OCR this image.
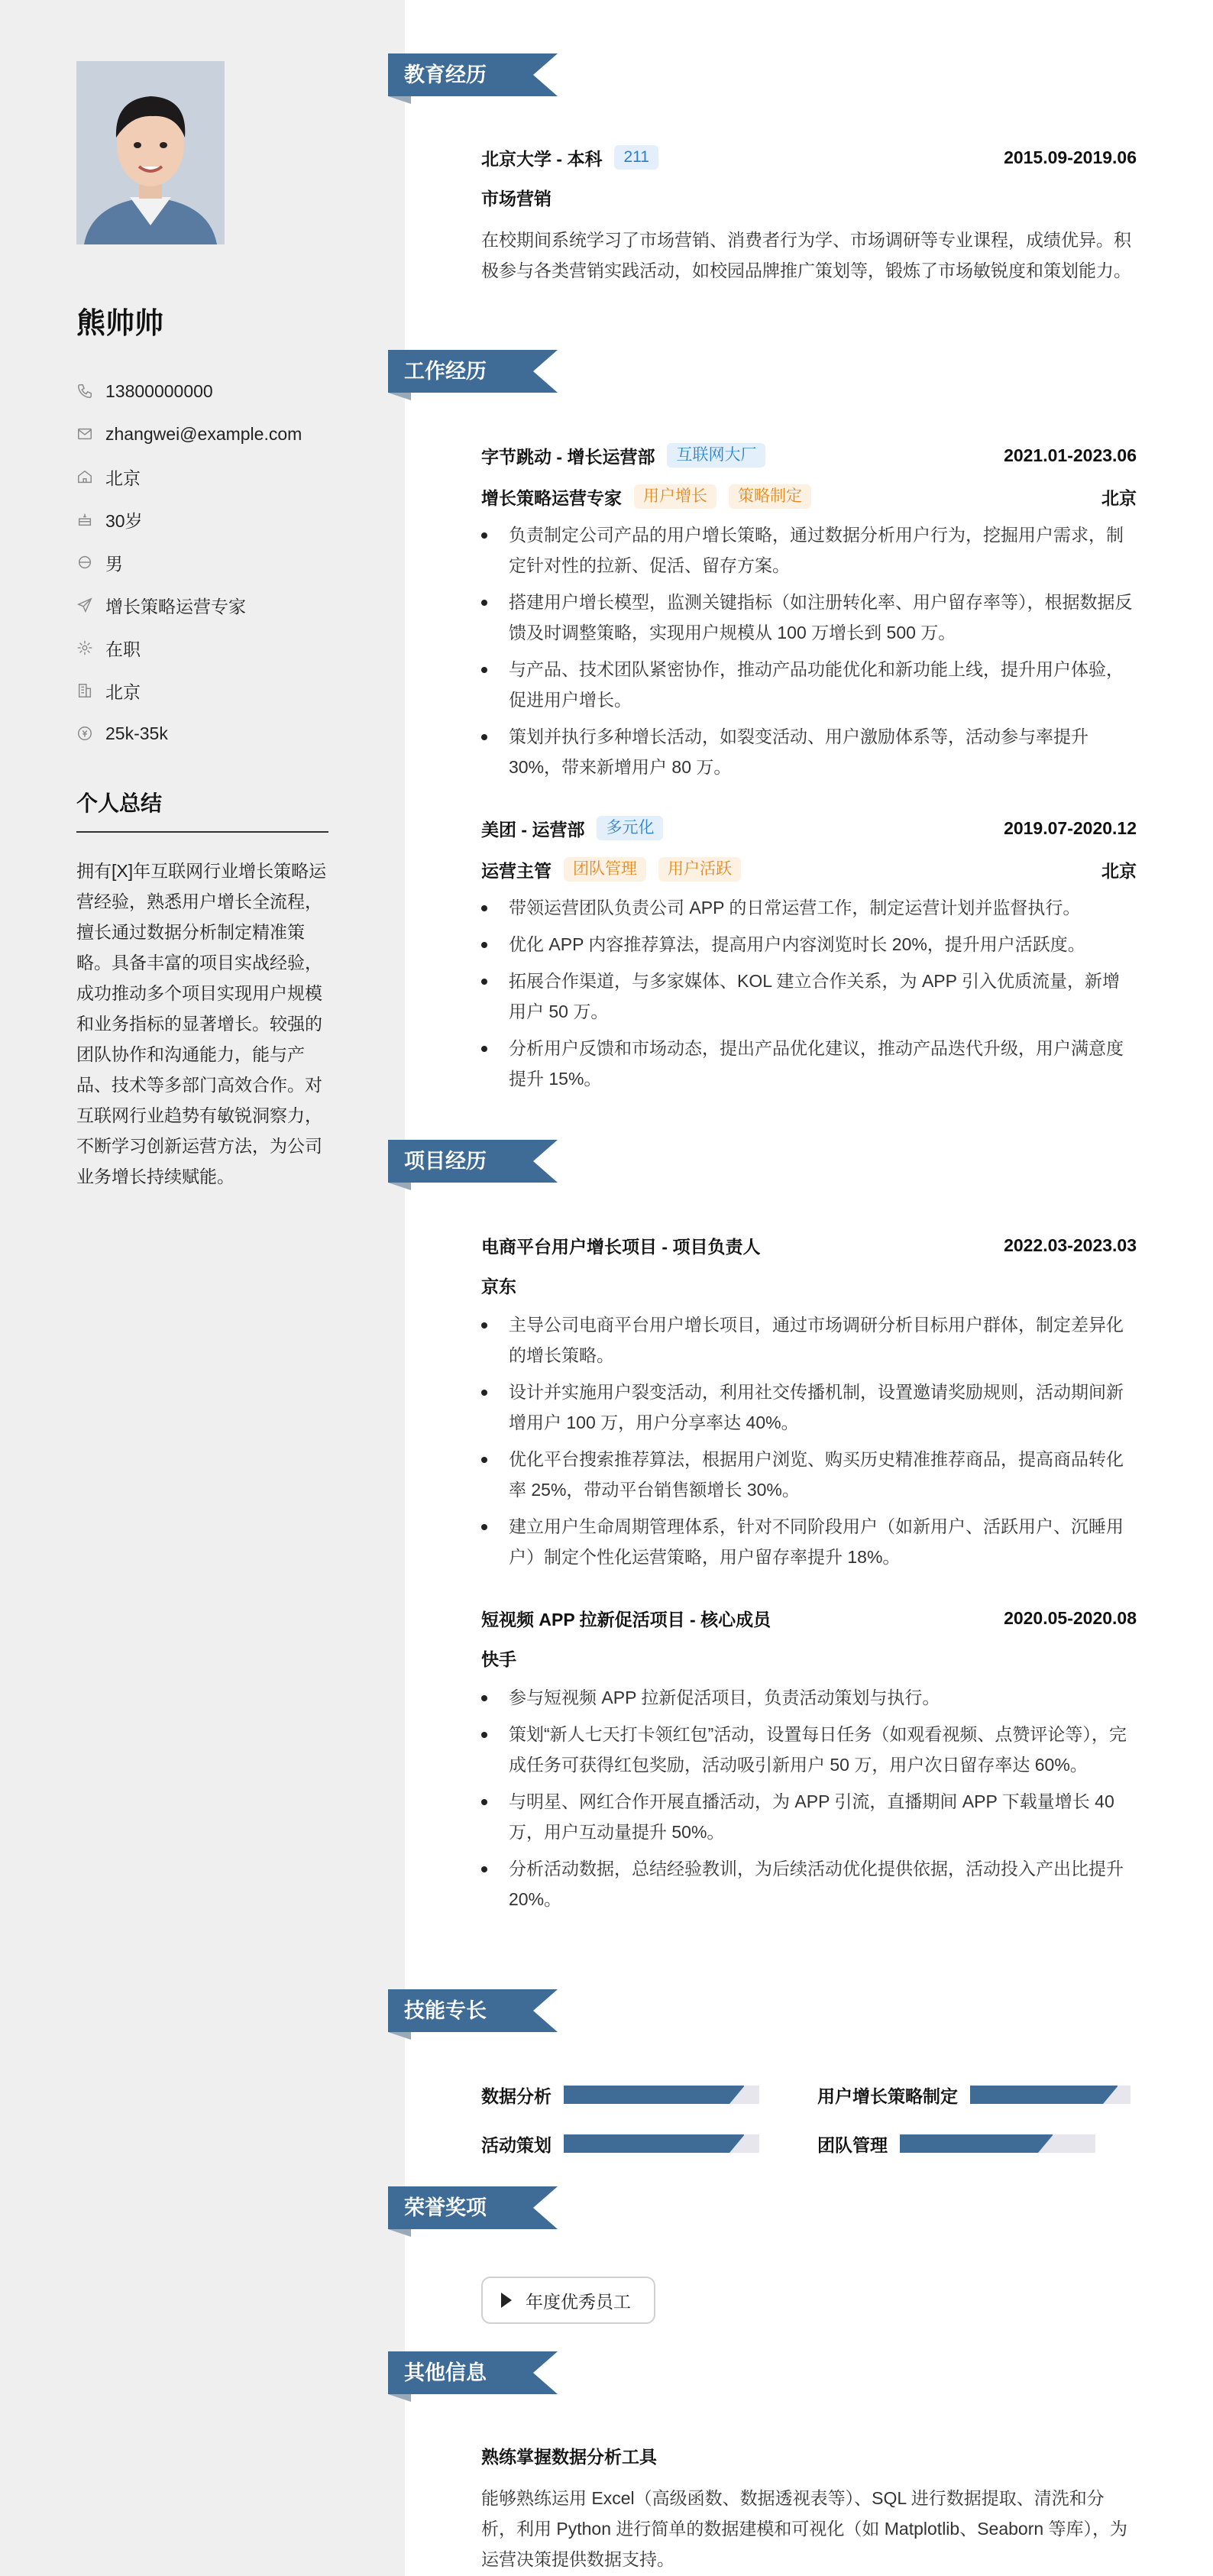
熊帅帅
13800000000
zhangwei@example.com
北京
30岁
男
增长策略运营专家
在职
北京
25k-35k
个人总结
拥有[X]年互联网行业增长策略运营经验，熟悉用户增长全流程，擅长通过数据分析制定精准策略。具备丰富的项目实战经验，成功推动多个项目实现用户规模和业务指标的显著增长。较强的团队协作和沟通能力，能与产品、技术等多部门高效合作。对互联网行业趋势有敏锐洞察力，不断学习创新运营方法，为公司业务增长持续赋能。
教育经历
北京大学 - 本科	211	2015.09-2019.06
市场营销
在校期间系统学习了市场营销、消费者行为学、市场调研等专业课程，成绩优异。积极参与各类营销实践活动，如校园品牌推广策划等，锻炼了市场敏锐度和策划能力。
工作经历
字节跳动 - 增长运营部	互联网大厂	2021.01-2023.06
增长策略运营专家	用户增长	策略制定	北京
负责制定公司产品的用户增长策略，通过数据分析用户行为，挖掘用户需求，制定针对性的拉新、促活、留存方案。
搭建用户增长模型，监测关键指标（如注册转化率、用户留存率等），根据数据反馈及时调整策略，实现用户规模从 100 万增长到 500 万。
与产品、技术团队紧密协作，推动产品功能优化和新功能上线，提升用户体验，促进用户增长。
策划并执行多种增长活动，如裂变活动、用户激励体系等，活动参与率提升 30%，带来新增用户 80 万。
美团 - 运营部	多元化	2019.07-2020.12
运营主管	团队管理	用户活跃	北京
带领运营团队负责公司 APP 的日常运营工作，制定运营计划并监督执行。
优化 APP 内容推荐算法，提高用户内容浏览时长 20%，提升用户活跃度。
拓展合作渠道，与多家媒体、KOL 建立合作关系，为 APP 引入优质流量，新增用户 50 万。
分析用户反馈和市场动态，提出产品优化建议，推动产品迭代升级，用户满意度提升 15%。
项目经历
电商平台用户增长项目 - 项目负责人	2022.03-2023.03
京东
主导公司电商平台用户增长项目，通过市场调研分析目标用户群体，制定差异化的增长策略。
设计并实施用户裂变活动，利用社交传播机制，设置邀请奖励规则，活动期间新增用户 100 万，用户分享率达 40%。
优化平台搜索推荐算法，根据用户浏览、购买历史精准推荐商品，提高商品转化率 25%，带动平台销售额增长 30%。
建立用户生命周期管理体系，针对不同阶段用户（如新用户、活跃用户、沉睡用户）制定个性化运营策略，用户留存率提升 18%。
短视频 APP 拉新促活项目 - 核心成员	2020.05-2020.08
快手
参与短视频 APP 拉新促活项目，负责活动策划与执行。
策划“新人七天打卡领红包”活动，设置每日任务（如观看视频、点赞评论等），完成任务可获得红包奖励，活动吸引新用户 50 万，用户次日留存率达 60%。
与明星、网红合作开展直播活动，为 APP 引流，直播期间 APP 下载量增长 40 万，用户互动量提升 50%。
分析活动数据，总结经验教训，为后续活动优化提供依据，活动投入产出比提升 20%。
技能专长
数据分析	用户增长策略制定
活动策划	团队管理
荣誉奖项
年度优秀员工
其他信息
熟练掌握数据分析工具
能够熟练运用 Excel（高级函数、数据透视表等）、SQL 进行数据提取、清洗和分析，利用 Python 进行简单的数据建模和可视化（如 Matplotlib、Seaborn 等库），为运营决策提供数据支持。
